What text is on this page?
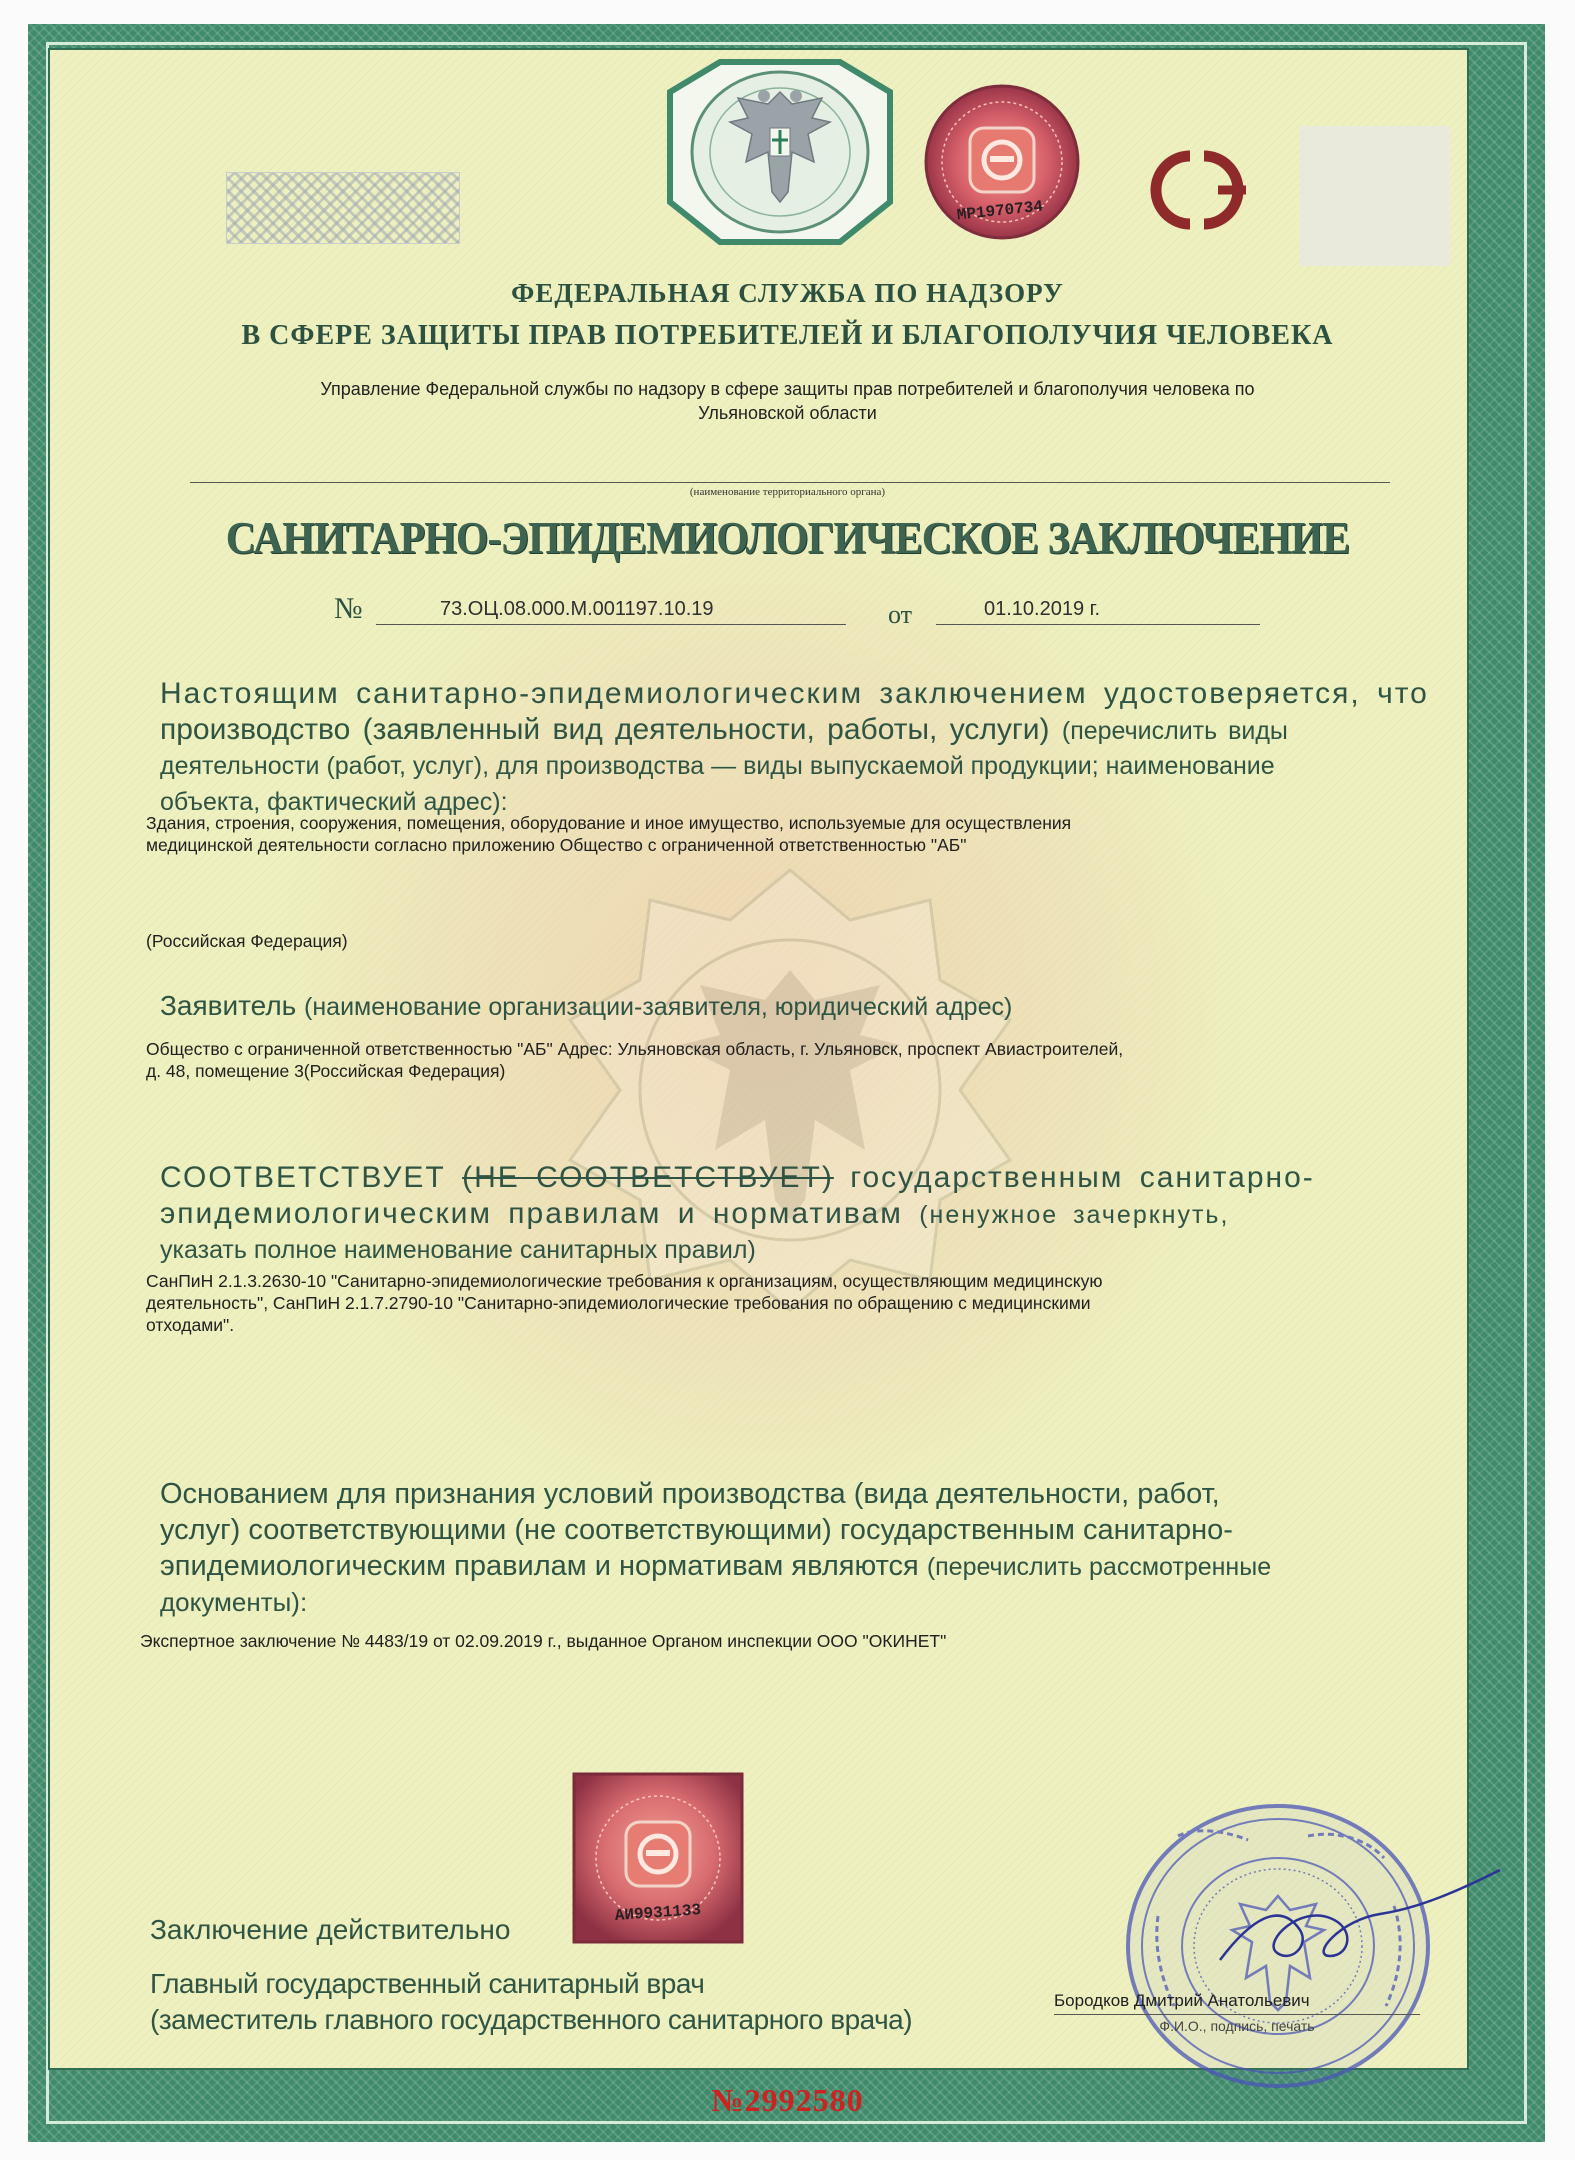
МР1970734
ФЕДЕРАЛЬНАЯ СЛУЖБА ПО НАДЗОРУ
В СФЕРЕ ЗАЩИТЫ ПРАВ ПОТРЕБИТЕЛЕЙ И БЛАГОПОЛУЧИЯ ЧЕЛОВЕКА
Управление Федеральной службы по надзору в сфере защиты прав потребителей и благополучия человека по
Ульяновской области
(наименование территориального органа)
САНИТАРНО-ЭПИДЕМИОЛОГИЧЕСКОЕ ЗАКЛЮЧЕНИЕ
№	73.ОЦ.08.000.М.001197.10.19	от	01.10.2019 г.
Настоящим санитарно-эпидемиологическим заключением удостоверяется, что
производство (заявленный вид деятельности, работы, услуги) (перечислить виды
деятельности (работ, услуг), для производства — виды выпускаемой продукции; наименование
объекта, фактический адрес):
Здания, строения, сооружения, помещения, оборудование и иное имущество, используемые для осуществления
медицинской деятельности согласно приложению Общество с ограниченной ответственностью "АБ"
(Российская Федерация)
Заявитель (наименование организации-заявителя, юридический адрес)
Общество с ограниченной ответственностью "АБ" Адрес: Ульяновская область, г. Ульяновск, проспект Авиастроителей,
д. 48, помещение 3(Российская Федерация)
СООТВЕТСТВУЕТ (НЕ СООТВЕТСТВУЕТ) государственным санитарно-
эпидемиологическим правилам и нормативам (ненужное зачеркнуть,
указать полное наименование санитарных правил)
СанПиН 2.1.3.2630-10 "Санитарно-эпидемиологические требования к организациям, осуществляющим медицинскую
деятельность", СанПиН 2.1.7.2790-10 "Санитарно-эпидемиологические требования по обращению с медицинскими
отходами".
Основанием для признания условий производства (вида деятельности, работ,
услуг) соответствующими (не соответствующими) государственным санитарно-
эпидемиологическим правилам и нормативам являются (перечислить рассмотренные
документы):
Экспертное заключение № 4483/19 от 02.09.2019 г., выданное Органом инспекции ООО "ОКИНЕТ"
АИ9931133
Заключение действительно
Главный государственный санитарный врач
(заместитель главного государственного санитарного врача)
Бородков Дмитрий Анатольевич
Ф.И.О., подпись, печать
№2992580
